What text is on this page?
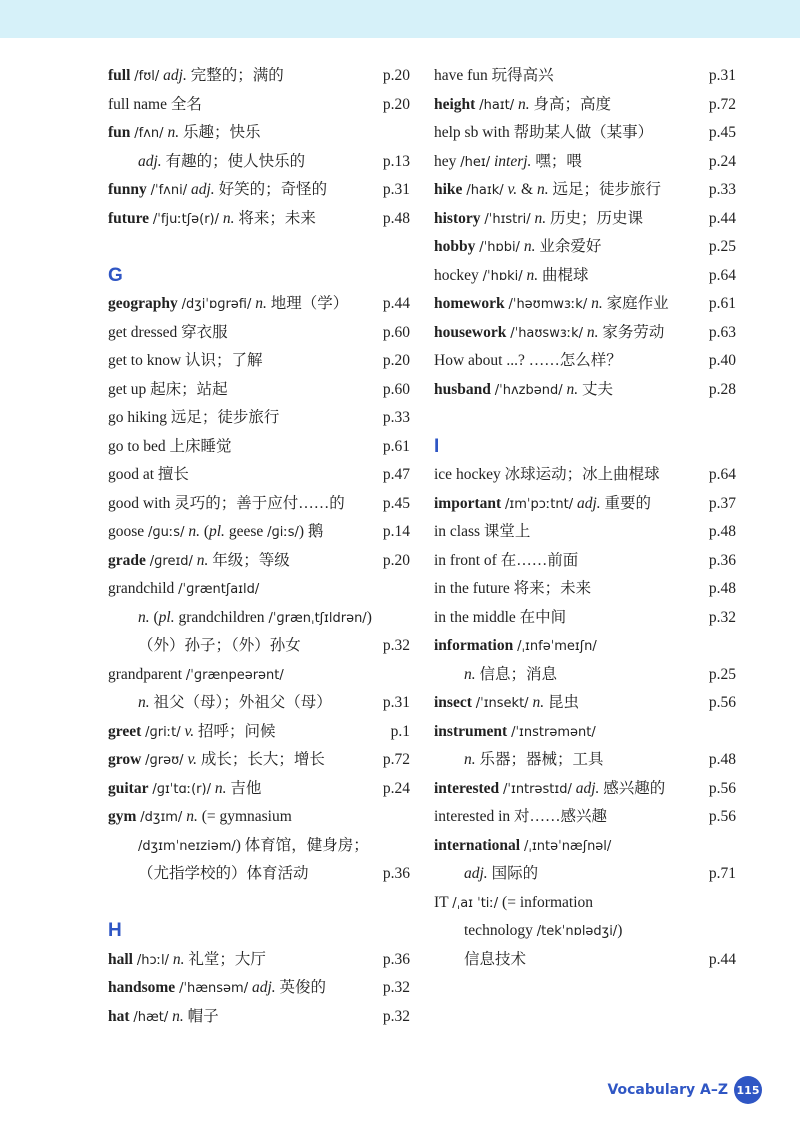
full /fʊl/ adj. 完整的；满的	p.20
full name 全名	p.20
fun /fʌn/ n. 乐趣；快乐
adj. 有趣的；使人快乐的	p.13
funny /ˈfʌni/ adj. 好笑的；奇怪的	p.31
future /ˈfjuːtʃə(r)/ n. 将来；未来	p.48
G
geography /dʒiˈɒɡrəfi/ n. 地理（学） p.44
get dressed 穿衣服	p.60
get to know 认识；了解	p.20
get up 起床；站起	p.60
go hiking 远足；徒步旅行	p.33
go to bed 上床睡觉	p.61
good at 擅长	p.47
good with 灵巧的；善于应付……的 p.45
goose /ɡuːs/ n. (pl. geese /ɡiːs/) 鹅	p.14
grade /ɡreɪd/ n. 年级；等级	p.20
grandchild /ˈɡræntʃaɪld/
n. (pl. grandchildren /ˈɡrænˌtʃɪldrən/)
（外）孙子；（外）孙女	p.32
grandparent /ˈɡrænpeərənt/
n. 祖父（母）；外祖父（母）	p.31
greet /ɡriːt/ v. 招呼；问候	p.1
grow /ɡrəʊ/ v. 成长；长大；增长	p.72
guitar /ɡɪˈtɑː(r)/ n. 吉他	p.24
gym /dʒɪm/ n. (= gymnasium
/dʒɪmˈneɪziəm/) 体育馆，健身房；
（尤指学校的）体育活动	p.36
H
hall /hɔːl/ n. 礼堂；大厅	p.36
handsome /ˈhænsəm/ adj. 英俊的	p.32
hat /hæt/ n. 帽子	p.32
have fun 玩得高兴	p.31
height /haɪt/ n. 身高；高度	p.72
help sb with 帮助某人做（某事）	p.45
hey /heɪ/ interj. 嘿；喂	p.24
hike /haɪk/ v. & n. 远足；徒步旅行	p.33
history /ˈhɪstri/ n. 历史；历史课	p.44
hobby /ˈhɒbi/ n. 业余爱好	p.25
hockey /ˈhɒki/ n. 曲棍球	p.64
homework /ˈhəʊmwɜːk/ n. 家庭作业	p.61
housework /ˈhaʊswɜːk/ n. 家务劳动	p.63
How about ...? ……怎么样？	p.40
husband /ˈhʌzbənd/ n. 丈夫	p.28
I
ice hockey 冰球运动；冰上曲棍球	p.64
important /ɪmˈpɔːtnt/ adj. 重要的	p.37
in class 课堂上	p.48
in front of 在……前面	p.36
in the future 将来；未来	p.48
in the middle 在中间	p.32
information /ˌɪnfəˈmeɪʃn/
n. 信息；消息	p.25
insect /ˈɪnsekt/ n. 昆虫	p.56
instrument /ˈɪnstrəmənt/
n. 乐器；器械；工具	p.48
interested /ˈɪntrəstɪd/ adj. 感兴趣的	p.56
interested in 对……感兴趣	p.56
international /ˌɪntəˈnæʃnəl/
adj. 国际的	p.71
IT /ˌaɪ ˈtiː/ (= information
technology /tekˈnɒlədʒi/)
信息技术	p.44
Vocabulary A–Z 115
